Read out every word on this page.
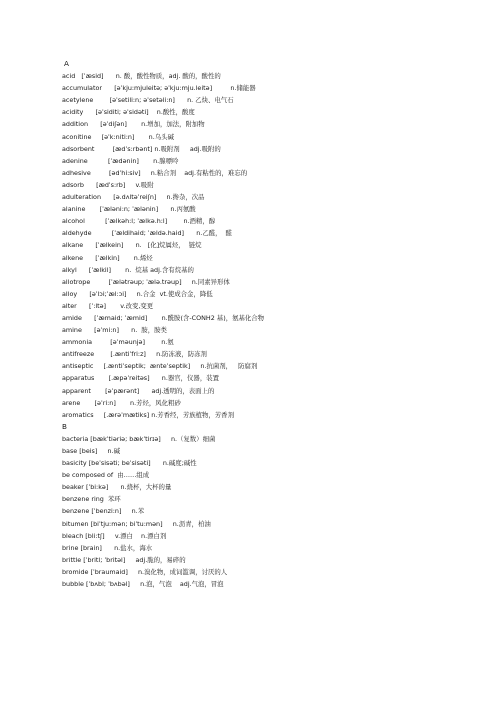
A
acid   [ˈæsid]      n. 酸，酸性物质，adj. 酸的，酸性的
accumulator      [əˈkju:mjuleitə; əˈkju:mju.leitə]         n.储能器
acetylene        [əˈsetili:n; əˈsetəli:n]      n. 乙炔、电气石
acidity      [əˈsiditi; əˈsidəti]    n.酸性，酸度
addition      [əˈdiʃən]       n.增加，加法，附加物
aconitine     [əˈk:niti:n]       n.乌头碱
adsorbent         [ædˈs:rbənt] n.吸附剂     adj.吸附的
adenine          [ˈædənin]       n.腺嘌呤
adhesive         [ədˈhi:siv]     n.粘合剂    adj.有粘性的，难忘的
adsorb      [ædˈs:rb]     v.吸附
adulteration      [ə.dʌltəˈreiʃn]     n.搀杂，次品
alanine       [ˈæləni:n; ˈælənin]      n.丙氨酸
alcohol          [ˈælkəh:l; ˈælkə.h:l]        n.酒精，醇
aldehyde          [ˈældihaid; ˈældə.haid]      n.乙醛，  醛
alkane      [ˈælkein]      n.   [化]烷属烃，  链烷
alkene      [ˈælkin]       n.烯烃
alkyl      [ˈælkil]       n.  烷基 adj.含有烷基的
allotrope         [ˈælətrəup; ˈælə.trəup]     n.同素异形体
alloy      [əˈlɔi;ˈæl:ɔi]     n.合金  vt.使成合金，降低
alter      [ˈ:ltə]       v.改变,变更
amide      [ˈæmaid; ˈæmid]       n.酰胺(含-CONH2 基)，氨基化合物
amine      [əˈmi:n]      n.  胺，胺类
ammonia         [əˈməunjə]        n.氨
antifreeze        [.æntiˈfri:z]     n.防冻液，防冻剂
antiseptic     [.æntiˈseptik;  ænteˈseptik]     n.抗菌剂，   防腐剂
apparatus       [.æpəˈreitəs]      n.器官，仪器，装置
apparent       [əˈpærənt]      adj.透明的，表面上的
arene       [əˈri:n]       n.芳烃，风化粗砂
aromatics     [.ærəˈmætiks] n.芳香经，芳族植物，芳香剂
B
bacteria [bækˈtiəriə; bækˈtirɪə]     n.（复数）细菌
base [beis]     n.碱
basicity [beˈsisəti; beˈsisəti]      n.碱度;碱性
be composed of  由……组成
beaker [ˈbi:kə]      n.烧杯，大杯的量
benzene ring  苯环
benzene [ˈbenzi:n]     n.苯
bitumen [biˈtju:mən; biˈtu:mən]     n.沥青，柏油
bleach [bli:tʃ]     v.漂白    n.漂白剂
brine [brain]      n.盐水，海水
brittle [ˈbritl; ˈbritəl]     adj.脆的，易碎的
bromide [ˈbraumaid]     n.溴化物，成词滥调，讨厌的人
bubble [ˈbʌbl; ˈbʌbəl]     n.泡，气泡    adj.气泡，冒泡
